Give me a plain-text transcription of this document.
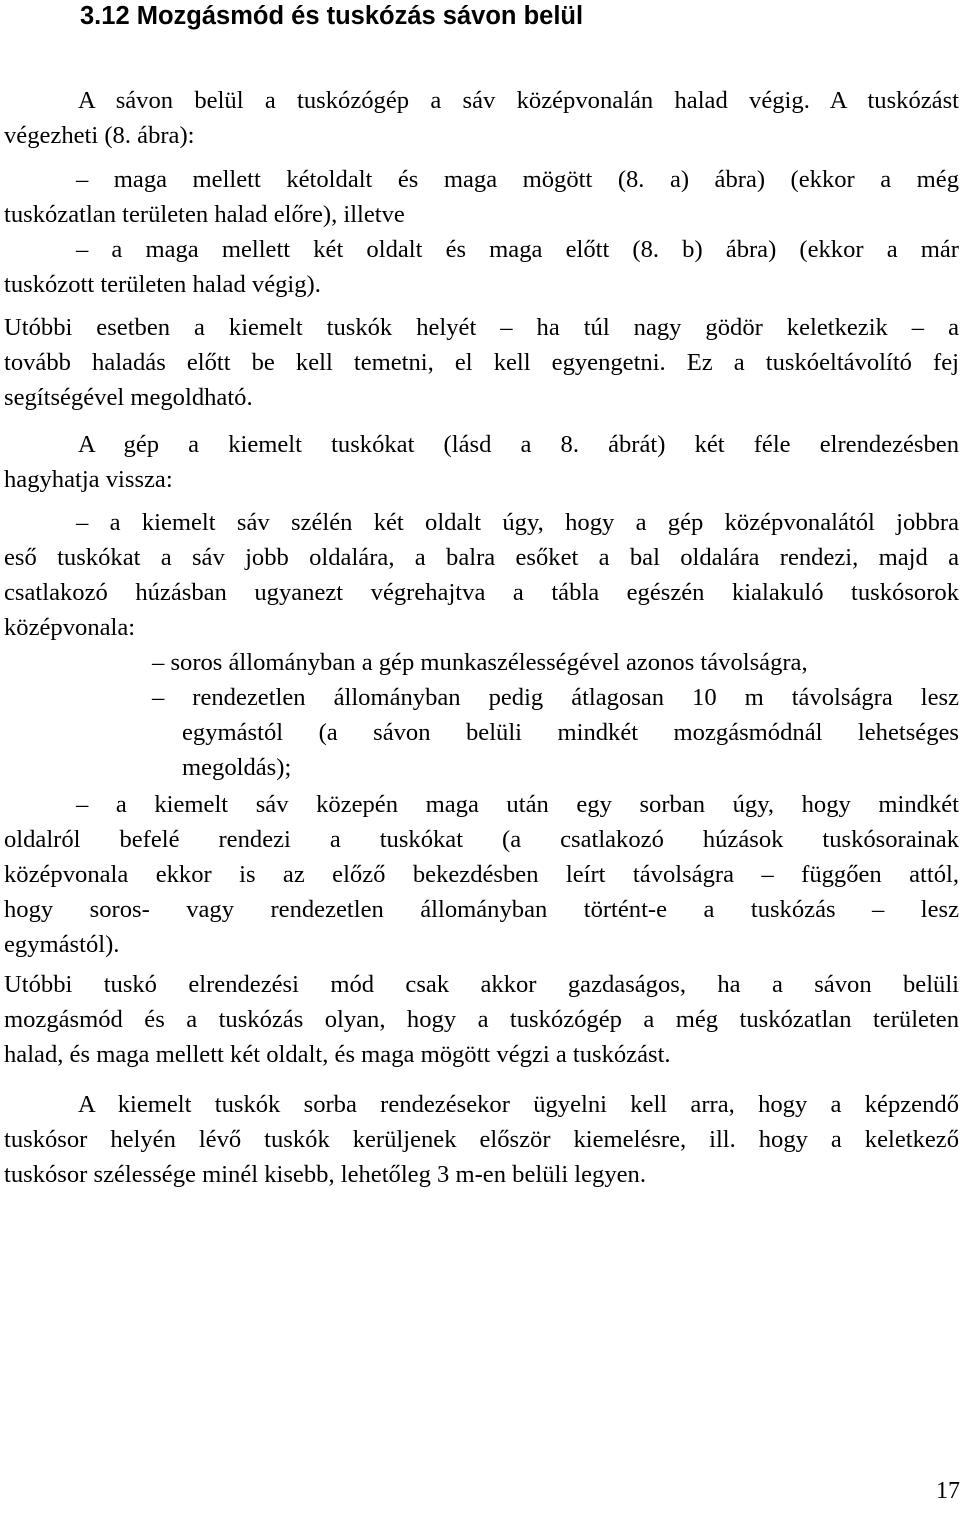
3.12 Mozgásmód és tuskózás sávon belül
A sávon belül a tuskózógép a sáv középvonalán halad végig. A tuskózást
végezheti (8. ábra):
– maga mellett kétoldalt és maga mögött (8. a) ábra) (ekkor a még
tuskózatlan területen halad előre), illetve
– a maga mellett két oldalt és maga előtt (8. b) ábra) (ekkor a már
tuskózott területen halad végig).
Utóbbi esetben a kiemelt tuskók helyét – ha túl nagy gödör keletkezik – a
tovább haladás előtt be kell temetni, el kell egyengetni. Ez a tuskóeltávolító fej
segítségével megoldható.
A gép a kiemelt tuskókat (lásd a 8. ábrát) két féle elrendezésben
hagyhatja vissza:
– a kiemelt sáv szélén két oldalt úgy, hogy a gép középvonalától jobbra
eső tuskókat a sáv jobb oldalára, a balra esőket a bal oldalára rendezi, majd a
csatlakozó húzásban ugyanezt végrehajtva a tábla egészén kialakuló tuskósorok
középvonala:
– soros állományban a gép munkaszélességével azonos távolságra,
– rendezetlen állományban pedig átlagosan 10 m távolságra lesz
egymástól (a sávon belüli mindkét mozgásmódnál lehetséges
megoldás);
– a kiemelt sáv közepén maga után egy sorban úgy, hogy mindkét
oldalról befelé rendezi a tuskókat (a csatlakozó húzások tuskósorainak
középvonala ekkor is az előző bekezdésben leírt távolságra – függően attól,
hogy soros- vagy rendezetlen állományban történt-e a tuskózás – lesz
egymástól).
Utóbbi tuskó elrendezési mód csak akkor gazdaságos, ha a sávon belüli
mozgásmód és a tuskózás olyan, hogy a tuskózógép a még tuskózatlan területen
halad, és maga mellett két oldalt, és maga mögött végzi a tuskózást.
A kiemelt tuskók sorba rendezésekor ügyelni kell arra, hogy a képzendő
tuskósor helyén lévő tuskók kerüljenek először kiemelésre, ill. hogy a keletkező
tuskósor szélessége minél kisebb, lehetőleg 3 m-en belüli legyen.
17
